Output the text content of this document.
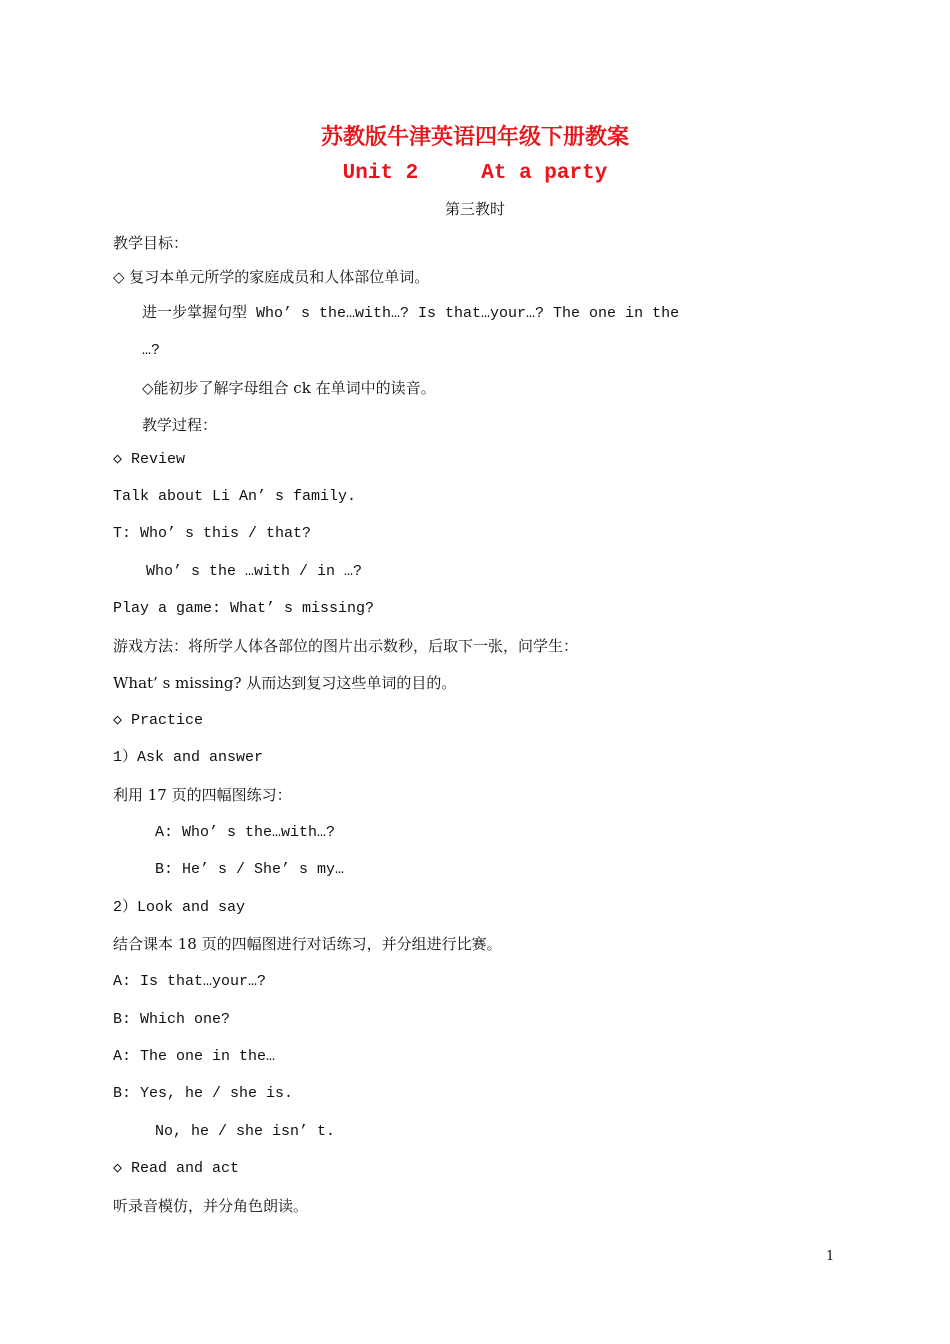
苏教版牛津英语四年级下册教案
Unit 2     At a party
第三教时
教学目标：
◇ 复习本单元所学的家庭成员和人体部位单词。
进一步掌握句型 Who’ s the…with…? Is that…your…? The one in the
…?
◇能初步了解字母组合 ck 在单词中的读音。
教学过程：
◇ Review
Talk about Li An’ s family.
T: Who’ s this / that?
Who’ s the …with / in …?
Play a game: What’ s missing?
游戏方法：将所学人体各部位的图片出示数秒，后取下一张，问学生：
What’ s missing? 从而达到复习这些单词的目的。
◇ Practice
1）Ask and answer
利用 17 页的四幅图练习：
A: Who’ s the…with…?
B: He’ s / She’ s my…
2）Look and say
结合课本 18 页的四幅图进行对话练习，并分组进行比赛。
A: Is that…your…?
B: Which one?
A: The one in the…
B: Yes, he / she is.
No, he / she isn’ t.
◇ Read and act
听录音模仿，并分角色朗读。
1
